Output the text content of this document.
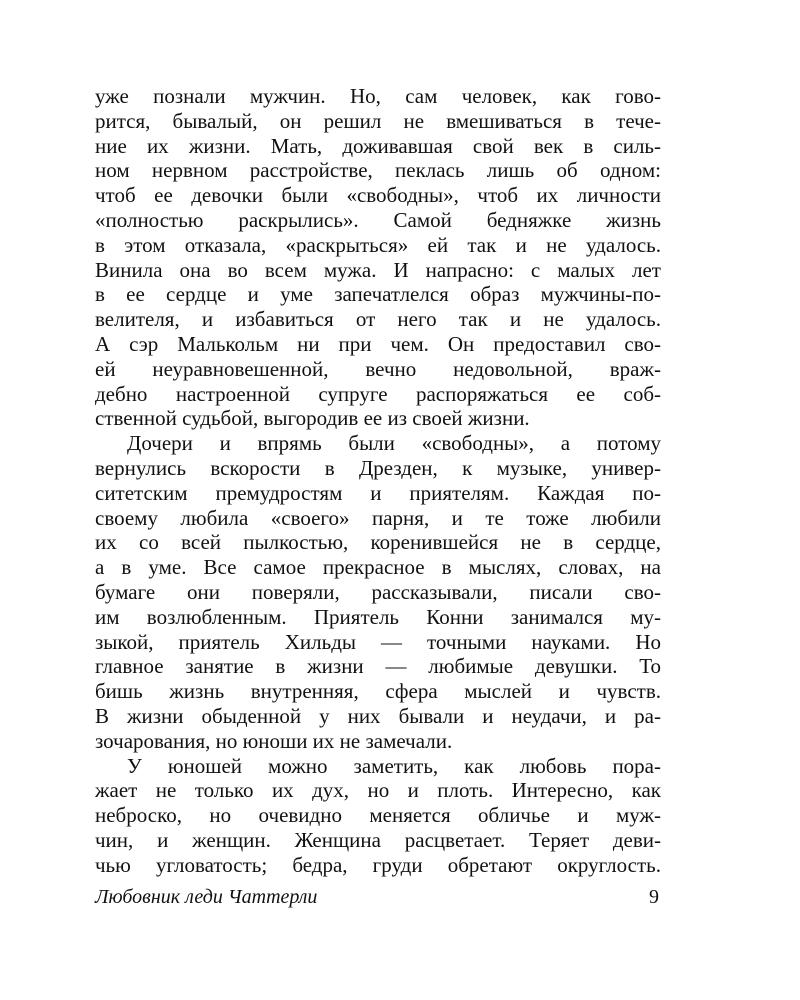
уже познали мужчин. Но, сам человек, как гово-
рится, бывалый, он решил не вмешиваться в тече-
ние их жизни. Мать, доживавшая свой век в силь-
ном нервном расстройстве, пеклась лишь об одном:
чтоб ее девочки были «свободны», чтоб их личности
«полностью раскрылись». Самой бедняжке жизнь
в этом отказала, «раскрыться» ей так и не удалось.
Винила она во всем мужа. И напрасно: с малых лет
в ее сердце и уме запечатлелся образ мужчины-по-
велителя, и избавиться от него так и не удалось.
А сэр Малькольм ни при чем. Он предоставил сво-
ей неуравновешенной, вечно недовольной, враж-
дебно настроенной супруге распоряжаться ее соб-
ственной судьбой, выгородив ее из своей жизни.
Дочери и впрямь были «свободны», а потому
вернулись вскорости в Дрезден, к музыке, универ-
ситетским премудростям и приятелям. Каждая по-
своему любила «своего» парня, и те тоже любили
их со всей пылкостью, коренившейся не в сердце,
а в уме. Все самое прекрасное в мыслях, словах, на
бумаге они поверяли, рассказывали, писали сво-
им возлюбленным. Приятель Конни занимался му-
зыкой, приятель Хильды — точными науками. Но
главное занятие в жизни — любимые девушки. То
бишь жизнь внутренняя, сфера мыслей и чувств.
В жизни обыденной у них бывали и неудачи, и ра-
зочарования, но юноши их не замечали.
У юношей можно заметить, как любовь пора-
жает не только их дух, но и плоть. Интересно, как
неброско, но очевидно меняется обличье и муж-
чин, и женщин. Женщина расцветает. Теряет деви-
чью угловатость; бедра, груди обретают округлость.
Любовник леди Чаттерли	9
